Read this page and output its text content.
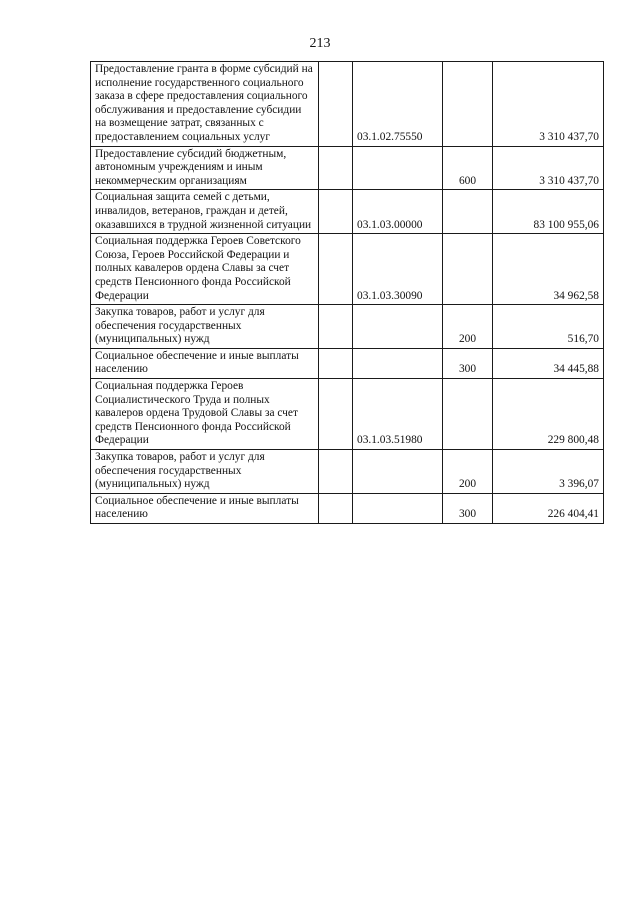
213
Предоставление гранта в форме субсидий на исполнение государственного социального заказа в сфере предоставления социального обслуживания и предоставление субсидии на возмещение затрат, связанных с предоставлением социальных услуг		03.1.02.75550		3 310 437,70
Предоставление субсидий бюджетным, автономным учреждениям и иным некоммерческим организациям			600	3 310 437,70
Социальная защита семей с детьми, инвалидов, ветеранов, граждан и детей, оказавшихся в трудной жизненной ситуации		03.1.03.00000		83 100 955,06
Социальная поддержка Героев Советского Союза, Героев Российской Федерации и полных кавалеров ордена Славы за счет средств Пенсионного фонда Российской Федерации		03.1.03.30090		34 962,58
Закупка товаров, работ и услуг для обеспечения государственных (муниципальных) нужд			200	516,70
Социальное обеспечение и иные выплаты населению			300	34 445,88
Социальная поддержка Героев Социалистического Труда и полных кавалеров ордена Трудовой Славы за счет средств Пенсионного фонда Российской Федерации		03.1.03.51980		229 800,48
Закупка товаров, работ и услуг для обеспечения государственных (муниципальных) нужд			200	3 396,07
Социальное обеспечение и иные выплаты населению			300	226 404,41
